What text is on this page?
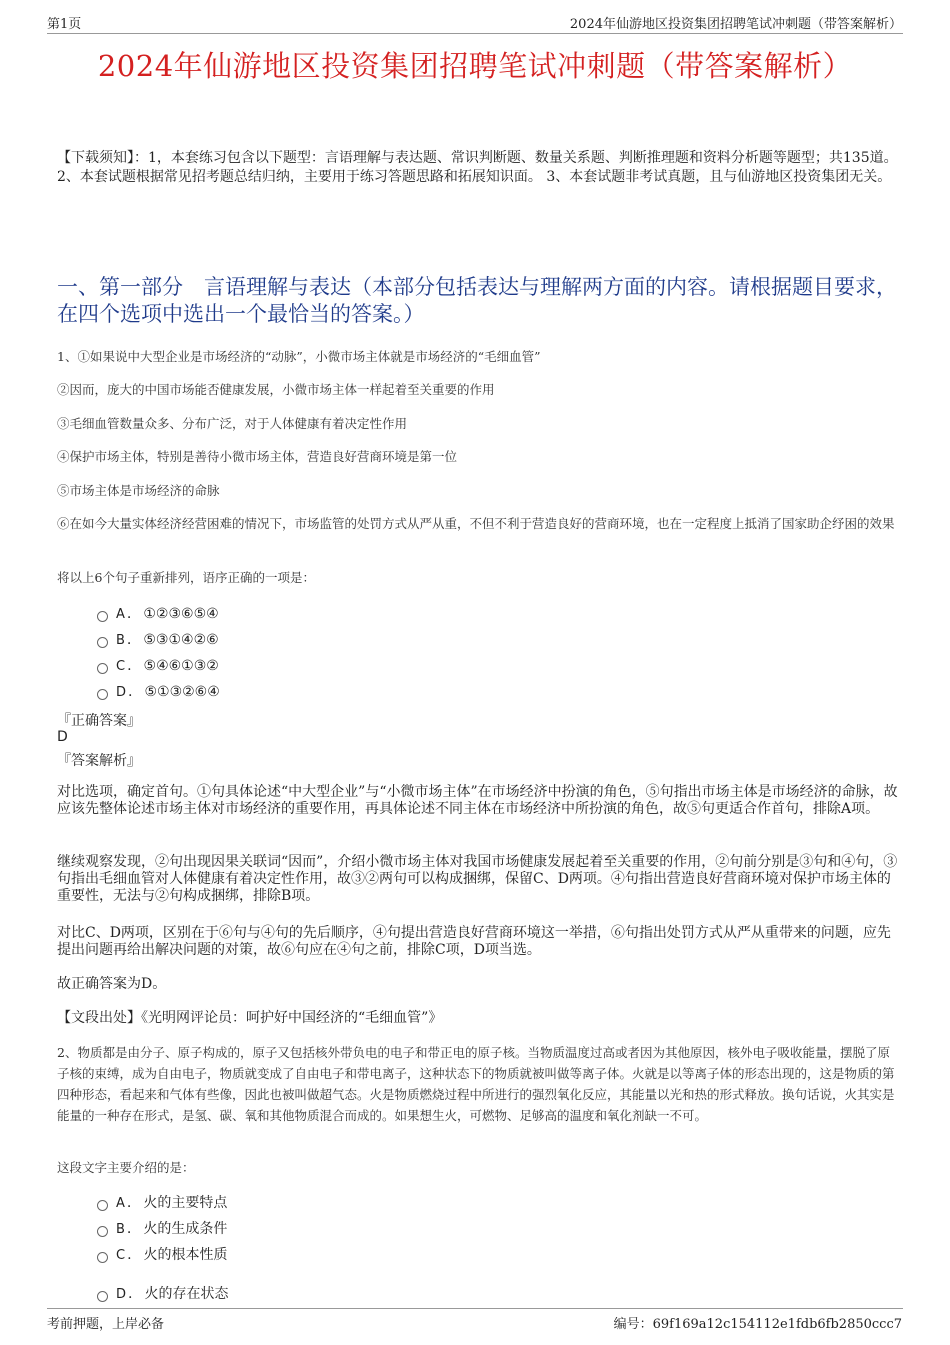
第1页	2024年仙游地区投资集团招聘笔试冲刺题（带答案解析）
2024年仙游地区投资集团招聘笔试冲刺题（带答案解析）
【下载须知】：1，本套练习包含以下题型：言语理解与表达题、常识判断题、数量关系题、判断推理题和资料分析题等题型；共135道。 2、本套试题根据常见招考题总结归纳，主要用于练习答题思路和拓展知识面。 3、本套试题非考试真题，且与仙游地区投资集团无关。
一、第一部分　言语理解与表达（本部分包括表达与理解两方面的内容。请根据题目要求，在四个选项中选出一个最恰当的答案。）
1、①如果说中大型企业是市场经济的“动脉”，小微市场主体就是市场经济的“毛细血管”
②因而，庞大的中国市场能否健康发展，小微市场主体一样起着至关重要的作用
③毛细血管数量众多、分布广泛，对于人体健康有着决定性作用
④保护市场主体，特别是善待小微市场主体，营造良好营商环境是第一位
⑤市场主体是市场经济的命脉
⑥在如今大量实体经济经营困难的情况下，市场监管的处罚方式从严从重，不但不利于营造良好的营商环境，也在一定程度上抵消了国家助企纾困的效果
将以上6个句子重新排列，语序正确的一项是：
A . ①②③⑥⑤④
B . ⑤③①④②⑥
C . ⑤④⑥①③②
D . ⑤①③②⑥④
『正确答案』
D
『答案解析』
对比选项，确定首句。①句具体论述“中大型企业”与“小微市场主体”在市场经济中扮演的角色，⑤句指出市场主体是市场经济的命脉，故应该先整体论述市场主体对市场经济的重要作用，再具体论述不同主体在市场经济中所扮演的角色，故⑤句更适合作首句，排除A项。
继续观察发现，②句出现因果关联词“因而”，介绍小微市场主体对我国市场健康发展起着至关重要的作用，②句前分别是③句和④句，③句指出毛细血管对人体健康有着决定性作用，故③②两句可以构成捆绑，保留C、D两项。④句指出营造良好营商环境对保护市场主体的重要性，无法与②句构成捆绑，排除B项。
对比C、D两项，区别在于⑥句与④句的先后顺序，④句提出营造良好营商环境这一举措，⑥句指出处罚方式从严从重带来的问题，应先提出问题再给出解决问题的对策，故⑥句应在④句之前，排除C项，D项当选。
故正确答案为D。
【文段出处】《光明网评论员：呵护好中国经济的“毛细血管”》
2、物质都是由分子、原子构成的，原子又包括核外带负电的电子和带正电的原子核。当物质温度过高或者因为其他原因，核外电子吸收能量，摆脱了原子核的束缚，成为自由电子，物质就变成了自由电子和带电离子，这种状态下的物质就被叫做等离子体。火就是以等离子体的形态出现的，这是物质的第四种形态，看起来和气体有些像，因此也被叫做超气态。火是物质燃烧过程中所进行的强烈氧化反应，其能量以光和热的形式释放。换句话说，火其实是能量的一种存在形式，是氢、碳、氧和其他物质混合而成的。如果想生火，可燃物、足够高的温度和氧化剂缺一不可。
这段文字主要介绍的是：
A . 火的主要特点
B . 火的生成条件
C . 火的根本性质
D . 火的存在状态
考前押题，上岸必备	编号：69f169a12c154112e1fdb6fb2850ccc7
